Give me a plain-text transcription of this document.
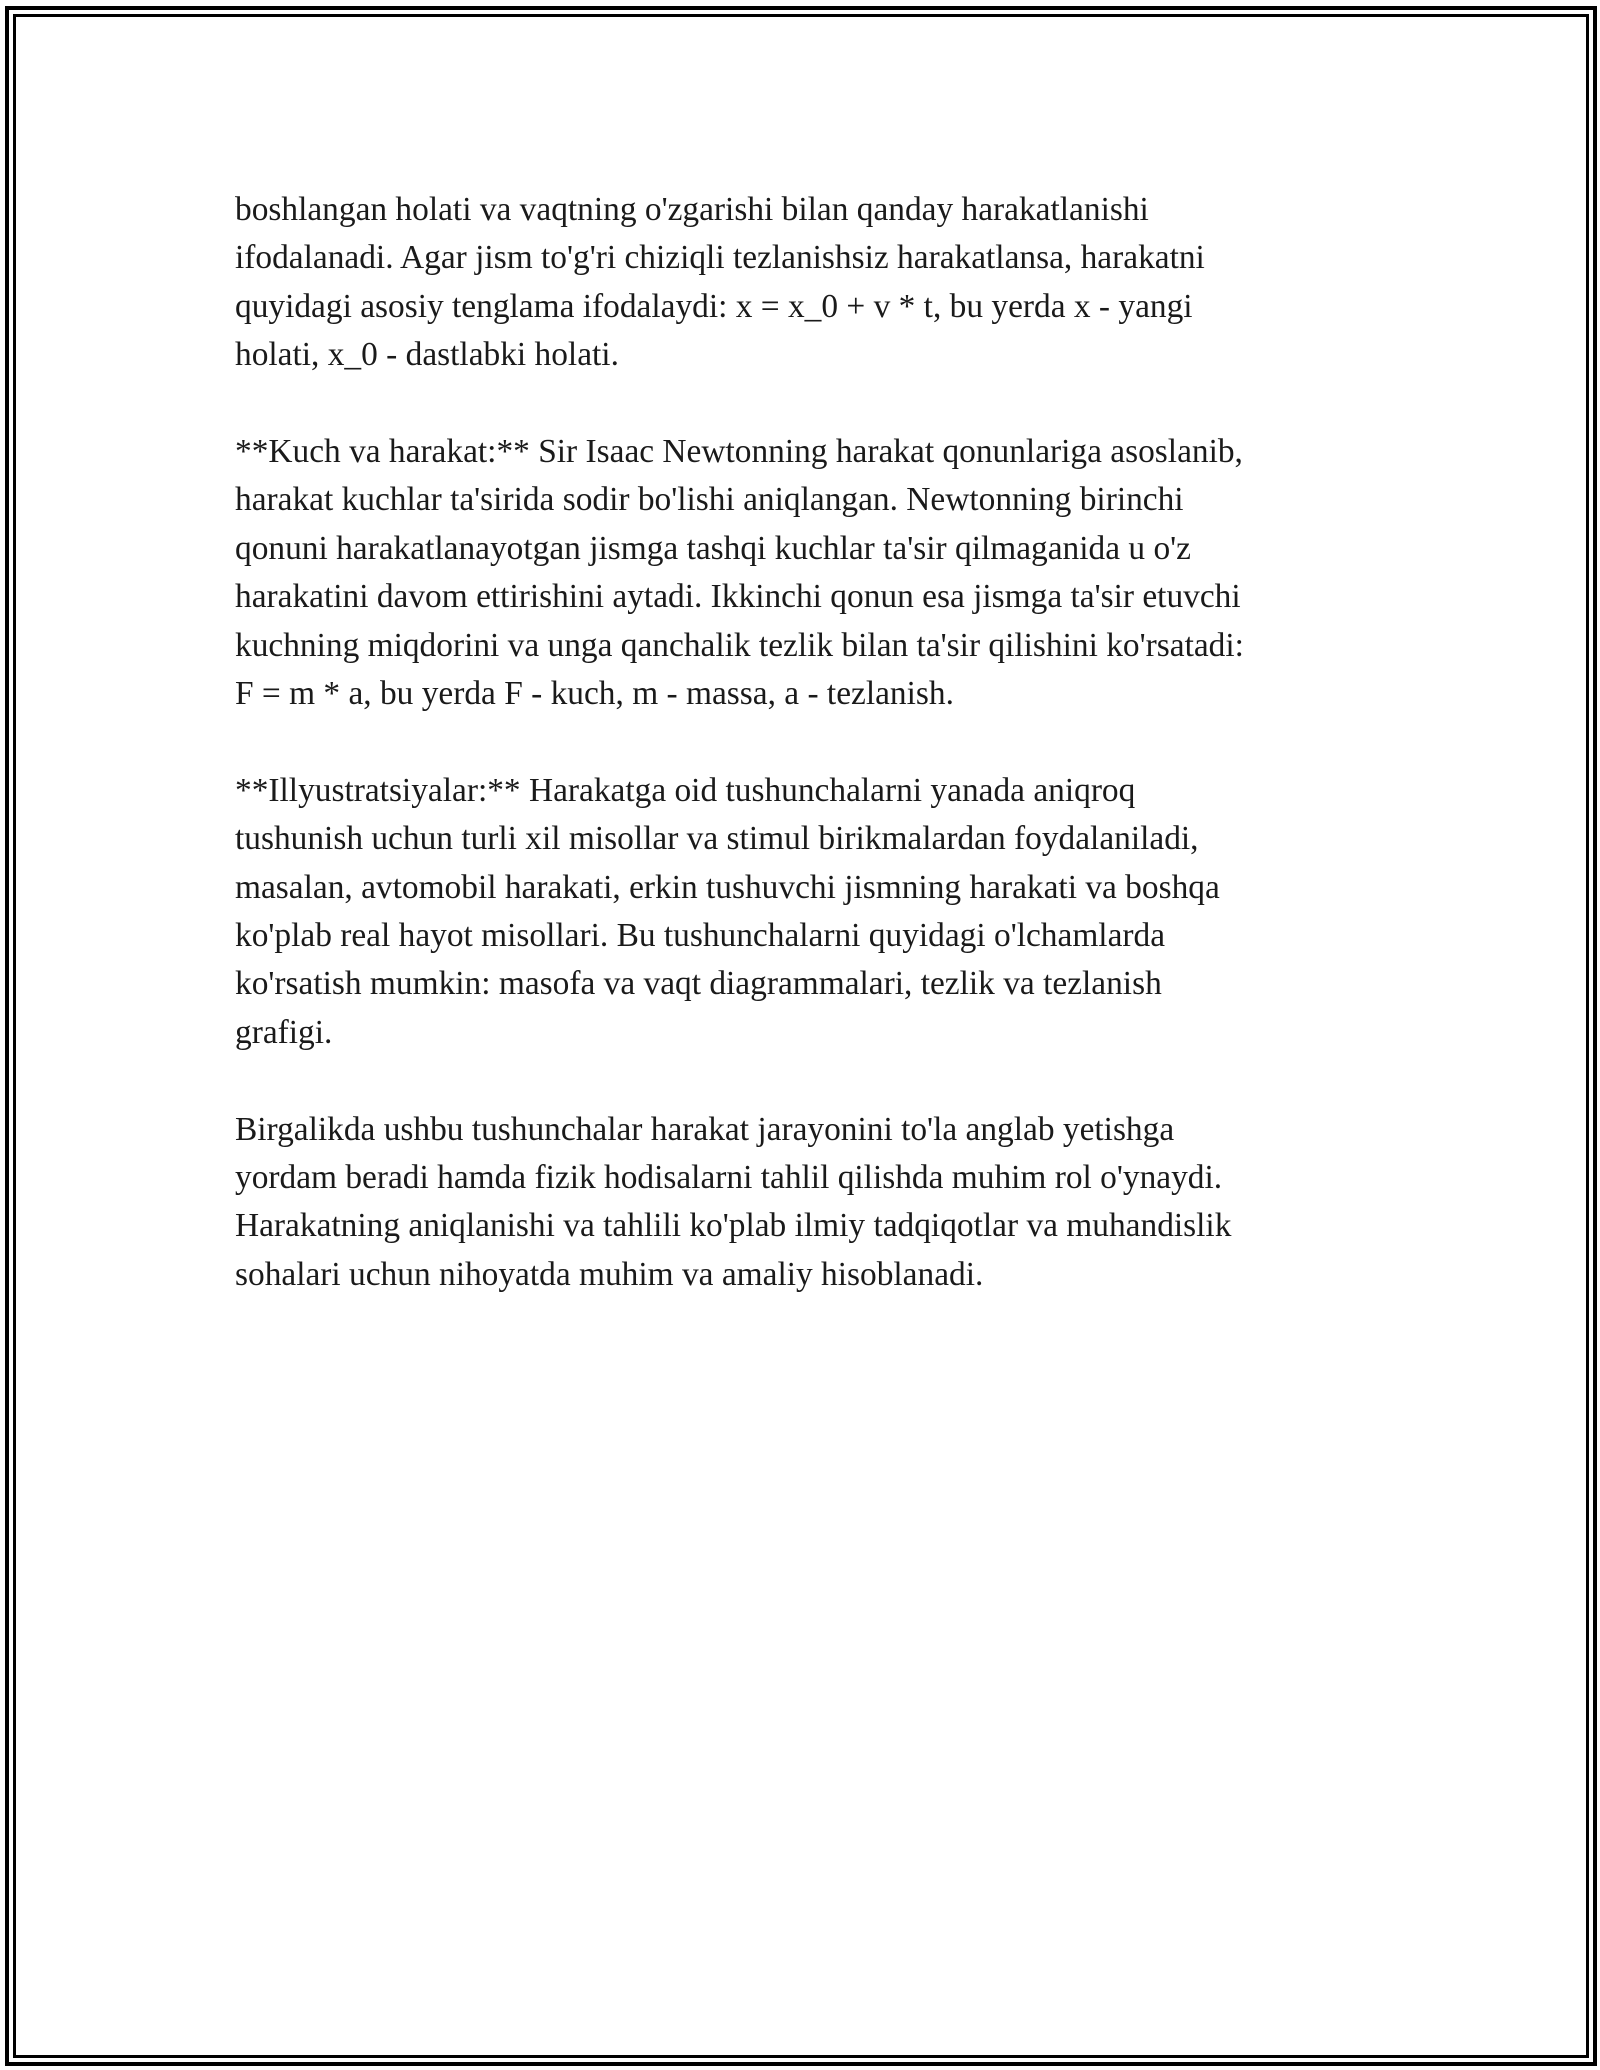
boshlangan holati va vaqtning o'zgarishi bilan qanday harakatlanishi
ifodalanadi. Agar jism to'g'ri chiziqli tezlanishsiz harakatlansa, harakatni
quyidagi asosiy tenglama ifodalaydi: x = x_0 + v * t, bu yerda x - yangi
holati, x_0 - dastlabki holati.

**Kuch va harakat:** Sir Isaac Newtonning harakat qonunlariga asoslanib,
harakat kuchlar ta'sirida sodir bo'lishi aniqlangan. Newtonning birinchi
qonuni harakatlanayotgan jismga tashqi kuchlar ta'sir qilmaganida u o'z
harakatini davom ettirishini aytadi. Ikkinchi qonun esa jismga ta'sir etuvchi
kuchning miqdorini va unga qanchalik tezlik bilan ta'sir qilishini ko'rsatadi:
F = m * a, bu yerda F - kuch, m - massa, a - tezlanish.

**Illyustratsiyalar:** Harakatga oid tushunchalarni yanada aniqroq
tushunish uchun turli xil misollar va stimul birikmalardan foydalaniladi,
masalan, avtomobil harakati, erkin tushuvchi jismning harakati va boshqa
ko'plab real hayot misollari. Bu tushunchalarni quyidagi o'lchamlarda
ko'rsatish mumkin: masofa va vaqt diagrammalari, tezlik va tezlanish
grafigi.

Birgalikda ushbu tushunchalar harakat jarayonini to'la anglab yetishga
yordam beradi hamda fizik hodisalarni tahlil qilishda muhim rol o'ynaydi.
Harakatning aniqlanishi va tahlili ko'plab ilmiy tadqiqotlar va muhandislik
sohalari uchun nihoyatda muhim va amaliy hisoblanadi.
